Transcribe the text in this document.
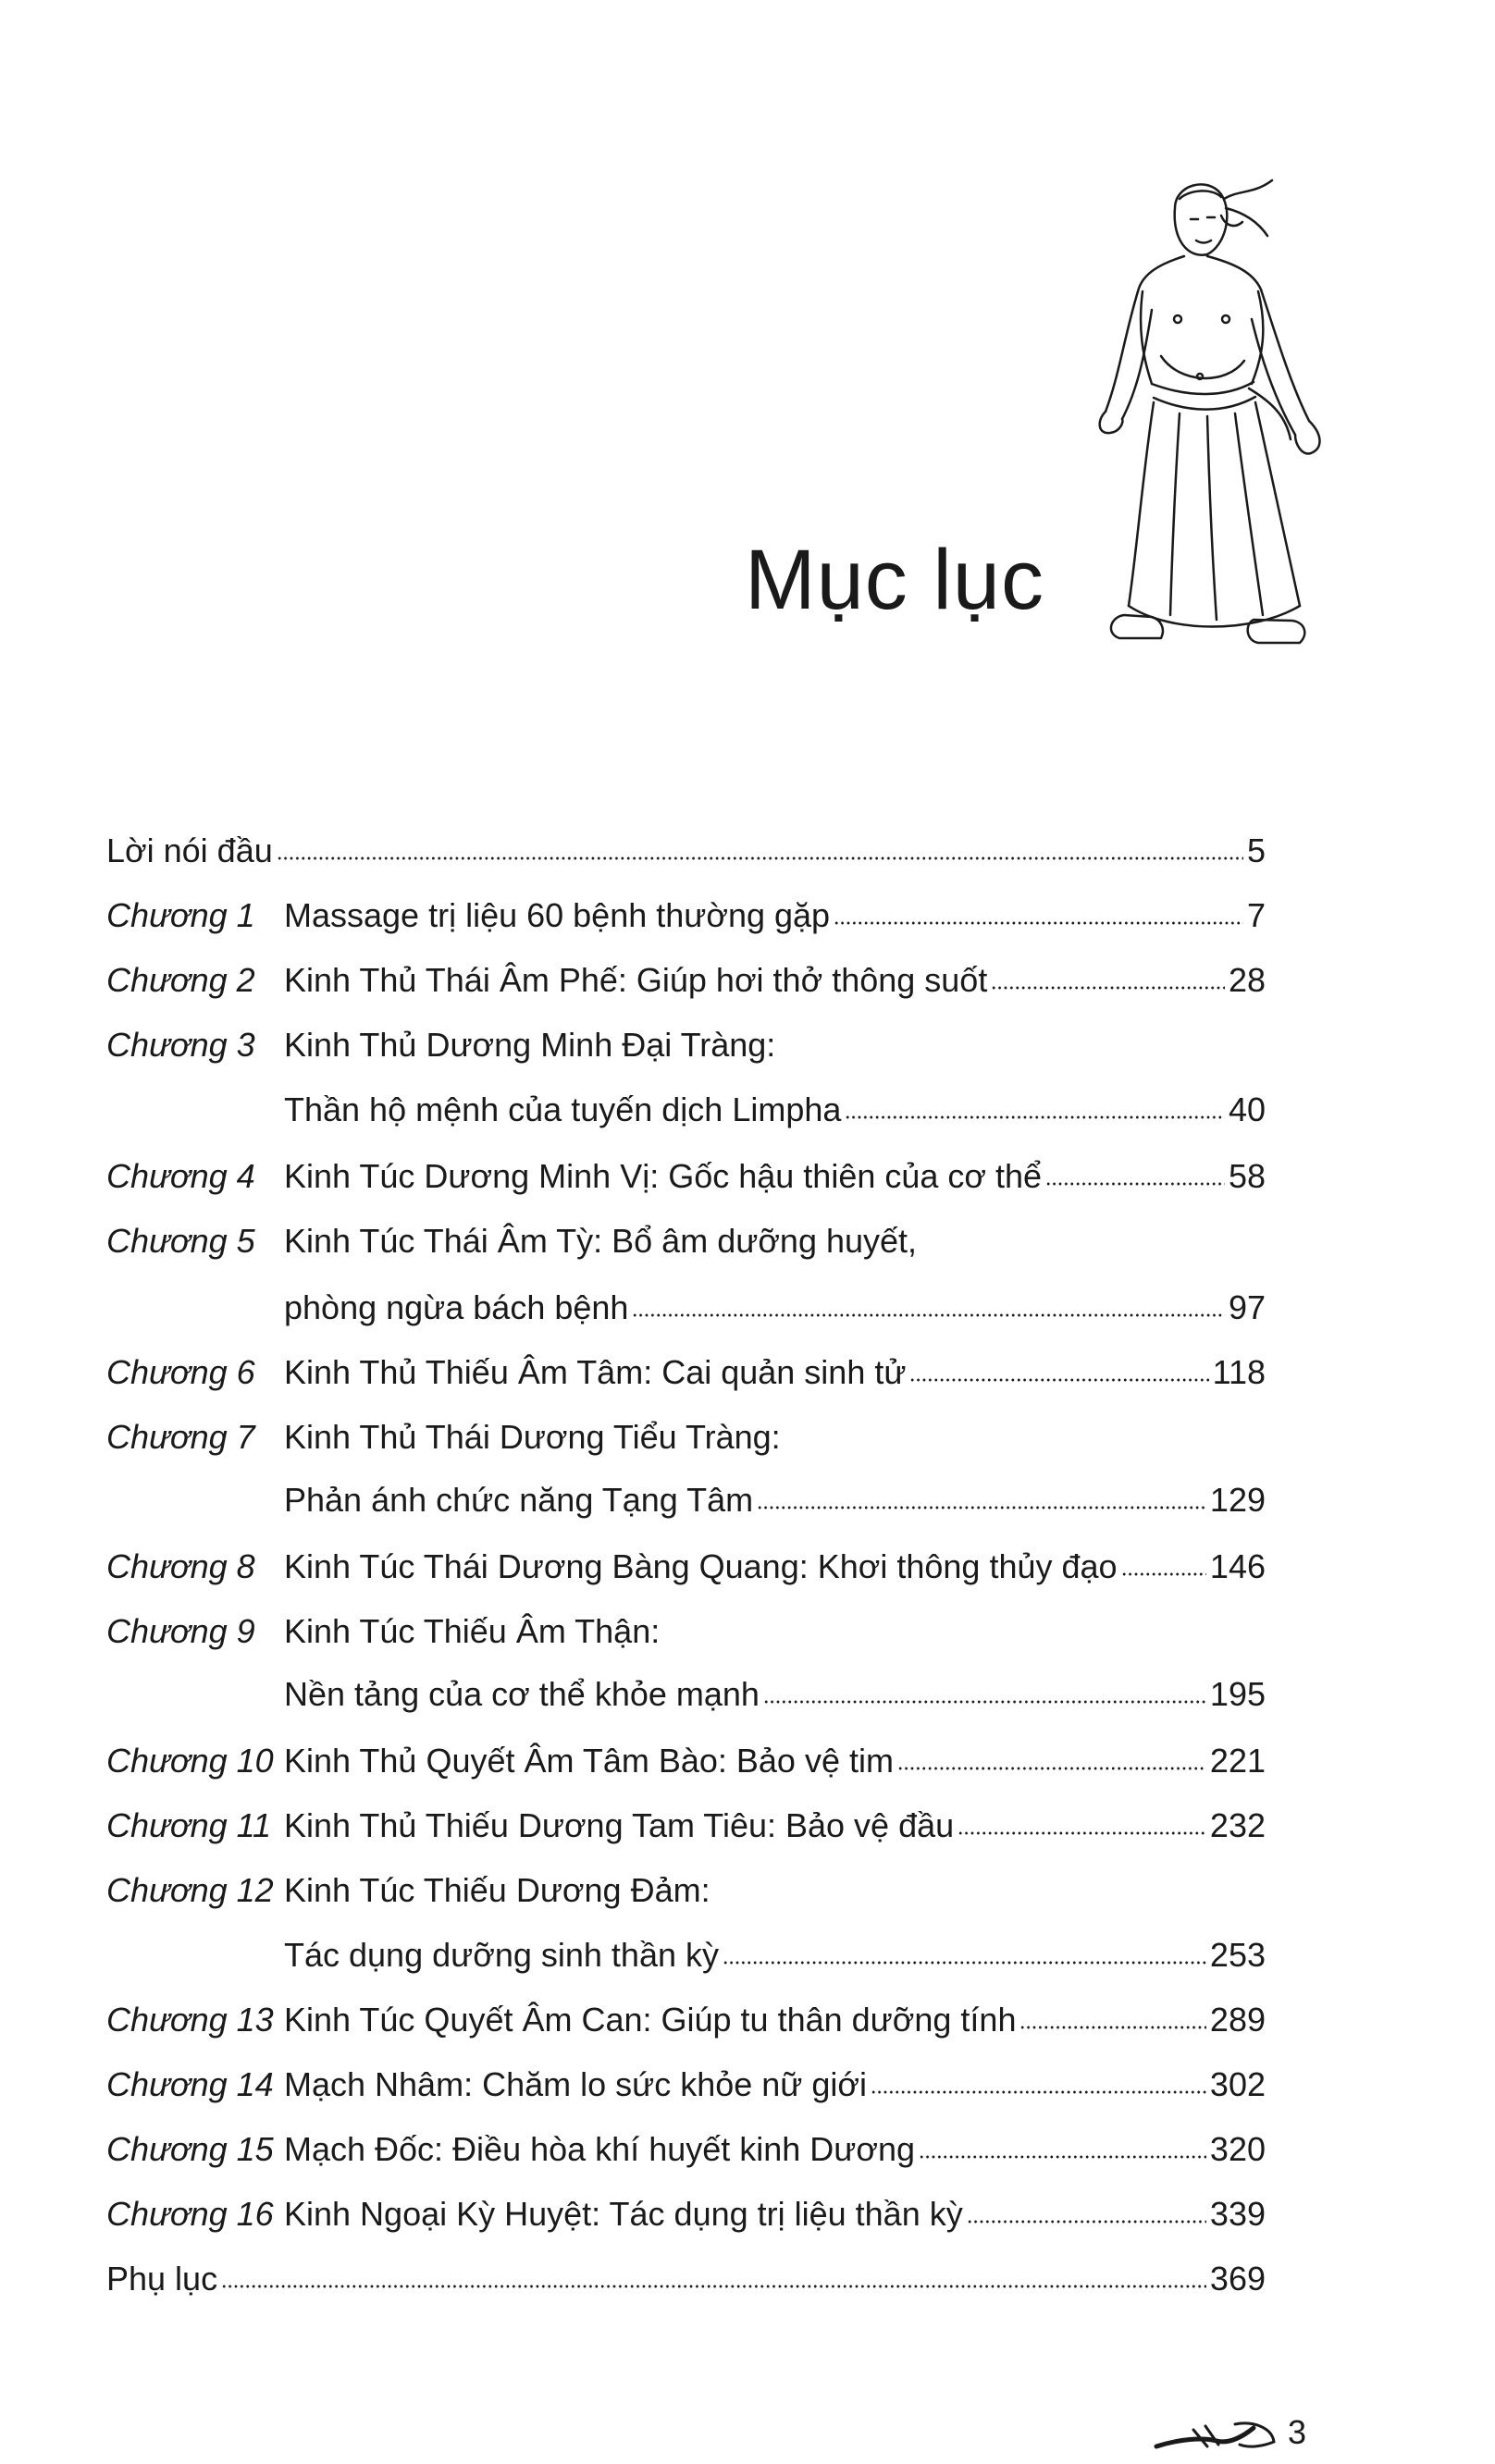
Mục lục
Lời nói đầu	5
Chương 1 Massage trị liệu 60 bệnh thường gặp	7
Chương 2 Kinh Thủ Thái Âm Phế: Giúp hơi thở thông suốt	28
Chương 3 Kinh Thủ Dương Minh Đại Tràng:
Thần hộ mệnh của tuyến dịch Limpha	40
Chương 4 Kinh Túc Dương Minh Vị: Gốc hậu thiên của cơ thể	58
Chương 5 Kinh Túc Thái Âm Tỳ: Bổ âm dưỡng huyết,
phòng ngừa bách bệnh	97
Chương 6 Kinh Thủ Thiếu Âm Tâm: Cai quản sinh tử	118
Chương 7 Kinh Thủ Thái Dương Tiểu Tràng:
Phản ánh chức năng Tạng Tâm	129
Chương 8 Kinh Túc Thái Dương Bàng Quang: Khơi thông thủy đạo	146
Chương 9 Kinh Túc Thiếu Âm Thận:
Nền tảng của cơ thể khỏe mạnh	195
Chương 10 Kinh Thủ Quyết Âm Tâm Bào: Bảo vệ tim	221
Chương 11 Kinh Thủ Thiếu Dương Tam Tiêu: Bảo vệ đầu	232
Chương 12 Kinh Túc Thiếu Dương Đảm:
Tác dụng dưỡng sinh thần kỳ	253
Chương 13 Kinh Túc Quyết Âm Can: Giúp tu thân dưỡng tính	289
Chương 14 Mạch Nhâm: Chăm lo sức khỏe nữ giới	302
Chương 15 Mạch Đốc: Điều hòa khí huyết kinh Dương	320
Chương 16 Kinh Ngoại Kỳ Huyệt: Tác dụng trị liệu thần kỳ	339
Phụ lục	369
3
